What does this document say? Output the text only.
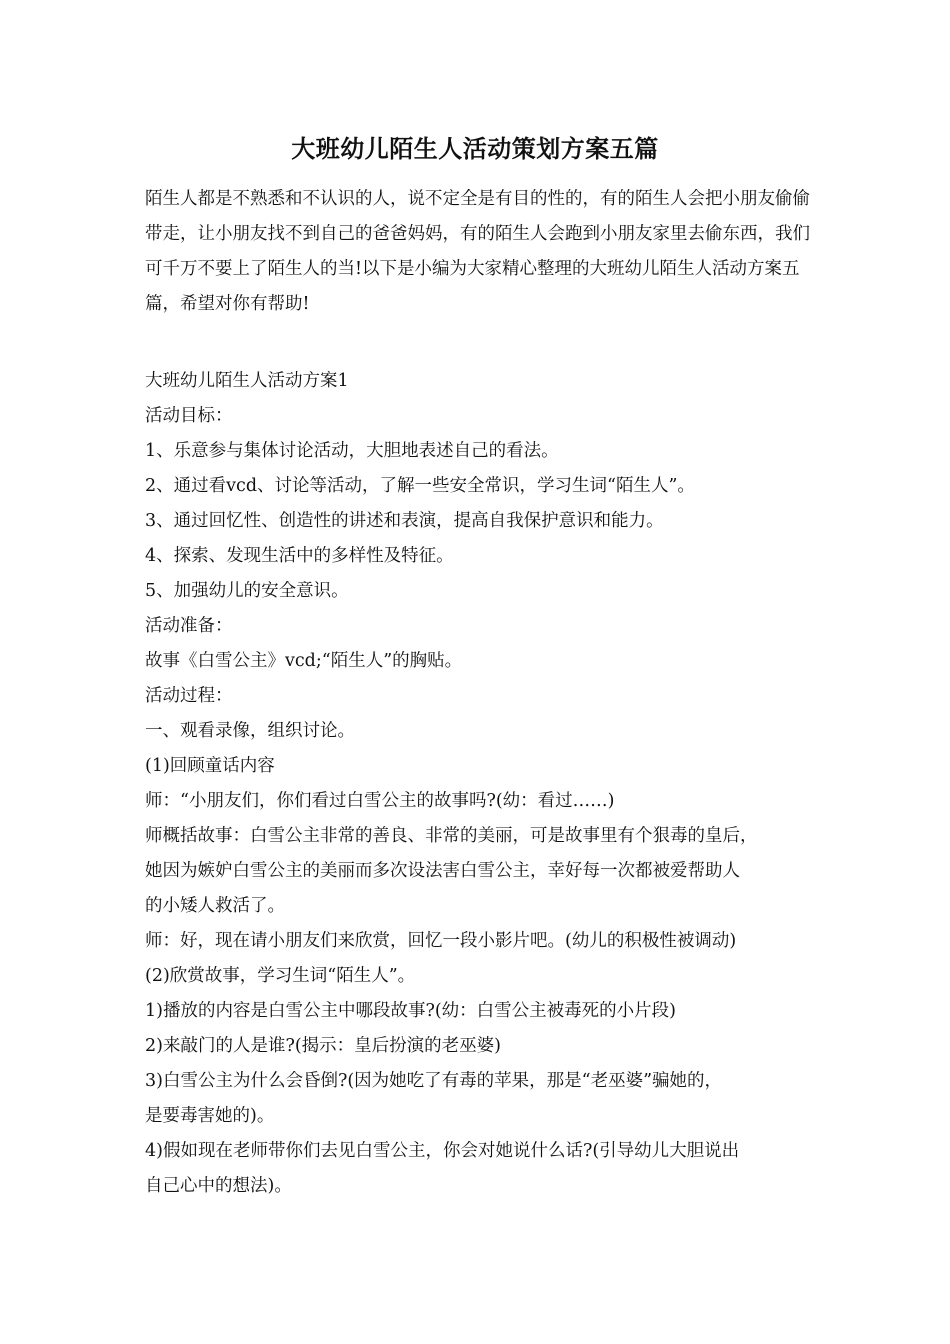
大班幼儿陌生人活动策划方案五篇

陌生人都是不熟悉和不认识的人，说不定全是有目的性的，有的陌生人会把小朋友偷偷带走，让小朋友找不到自己的爸爸妈妈，有的陌生人会跑到小朋友家里去偷东西，我们可千万不要上了陌生人的当!以下是小编为大家精心整理的大班幼儿陌生人活动方案五篇，希望对你有帮助!

大班幼儿陌生人活动方案1
活动目标：
1、乐意参与集体讨论活动，大胆地表述自己的看法。
2、通过看vcd、讨论等活动，了解一些安全常识，学习生词“陌生人”。
3、通过回忆性、创造性的讲述和表演，提高自我保护意识和能力。
4、探索、发现生活中的多样性及特征。
5、加强幼儿的安全意识。
活动准备：
故事《白雪公主》vcd;“陌生人”的胸贴。
活动过程：
一、观看录像，组织讨论。
(1)回顾童话内容
师：“小朋友们，你们看过白雪公主的故事吗?(幼：看过……)
师概括故事：白雪公主非常的善良、非常的美丽，可是故事里有个狠毒的皇后，
她因为嫉妒白雪公主的美丽而多次设法害白雪公主，幸好每一次都被爱帮助人
的小矮人救活了。
师：好，现在请小朋友们来欣赏，回忆一段小影片吧。(幼儿的积极性被调动)
(2)欣赏故事，学习生词“陌生人”。
1)播放的内容是白雪公主中哪段故事?(幼：白雪公主被毒死的小片段)
2)来敲门的人是谁?(揭示：皇后扮演的老巫婆)
3)白雪公主为什么会昏倒?(因为她吃了有毒的苹果，那是“老巫婆”骗她的，
是要毒害她的)。
4)假如现在老师带你们去见白雪公主，你会对她说什么话?(引导幼儿大胆说出
自己心中的想法)。
